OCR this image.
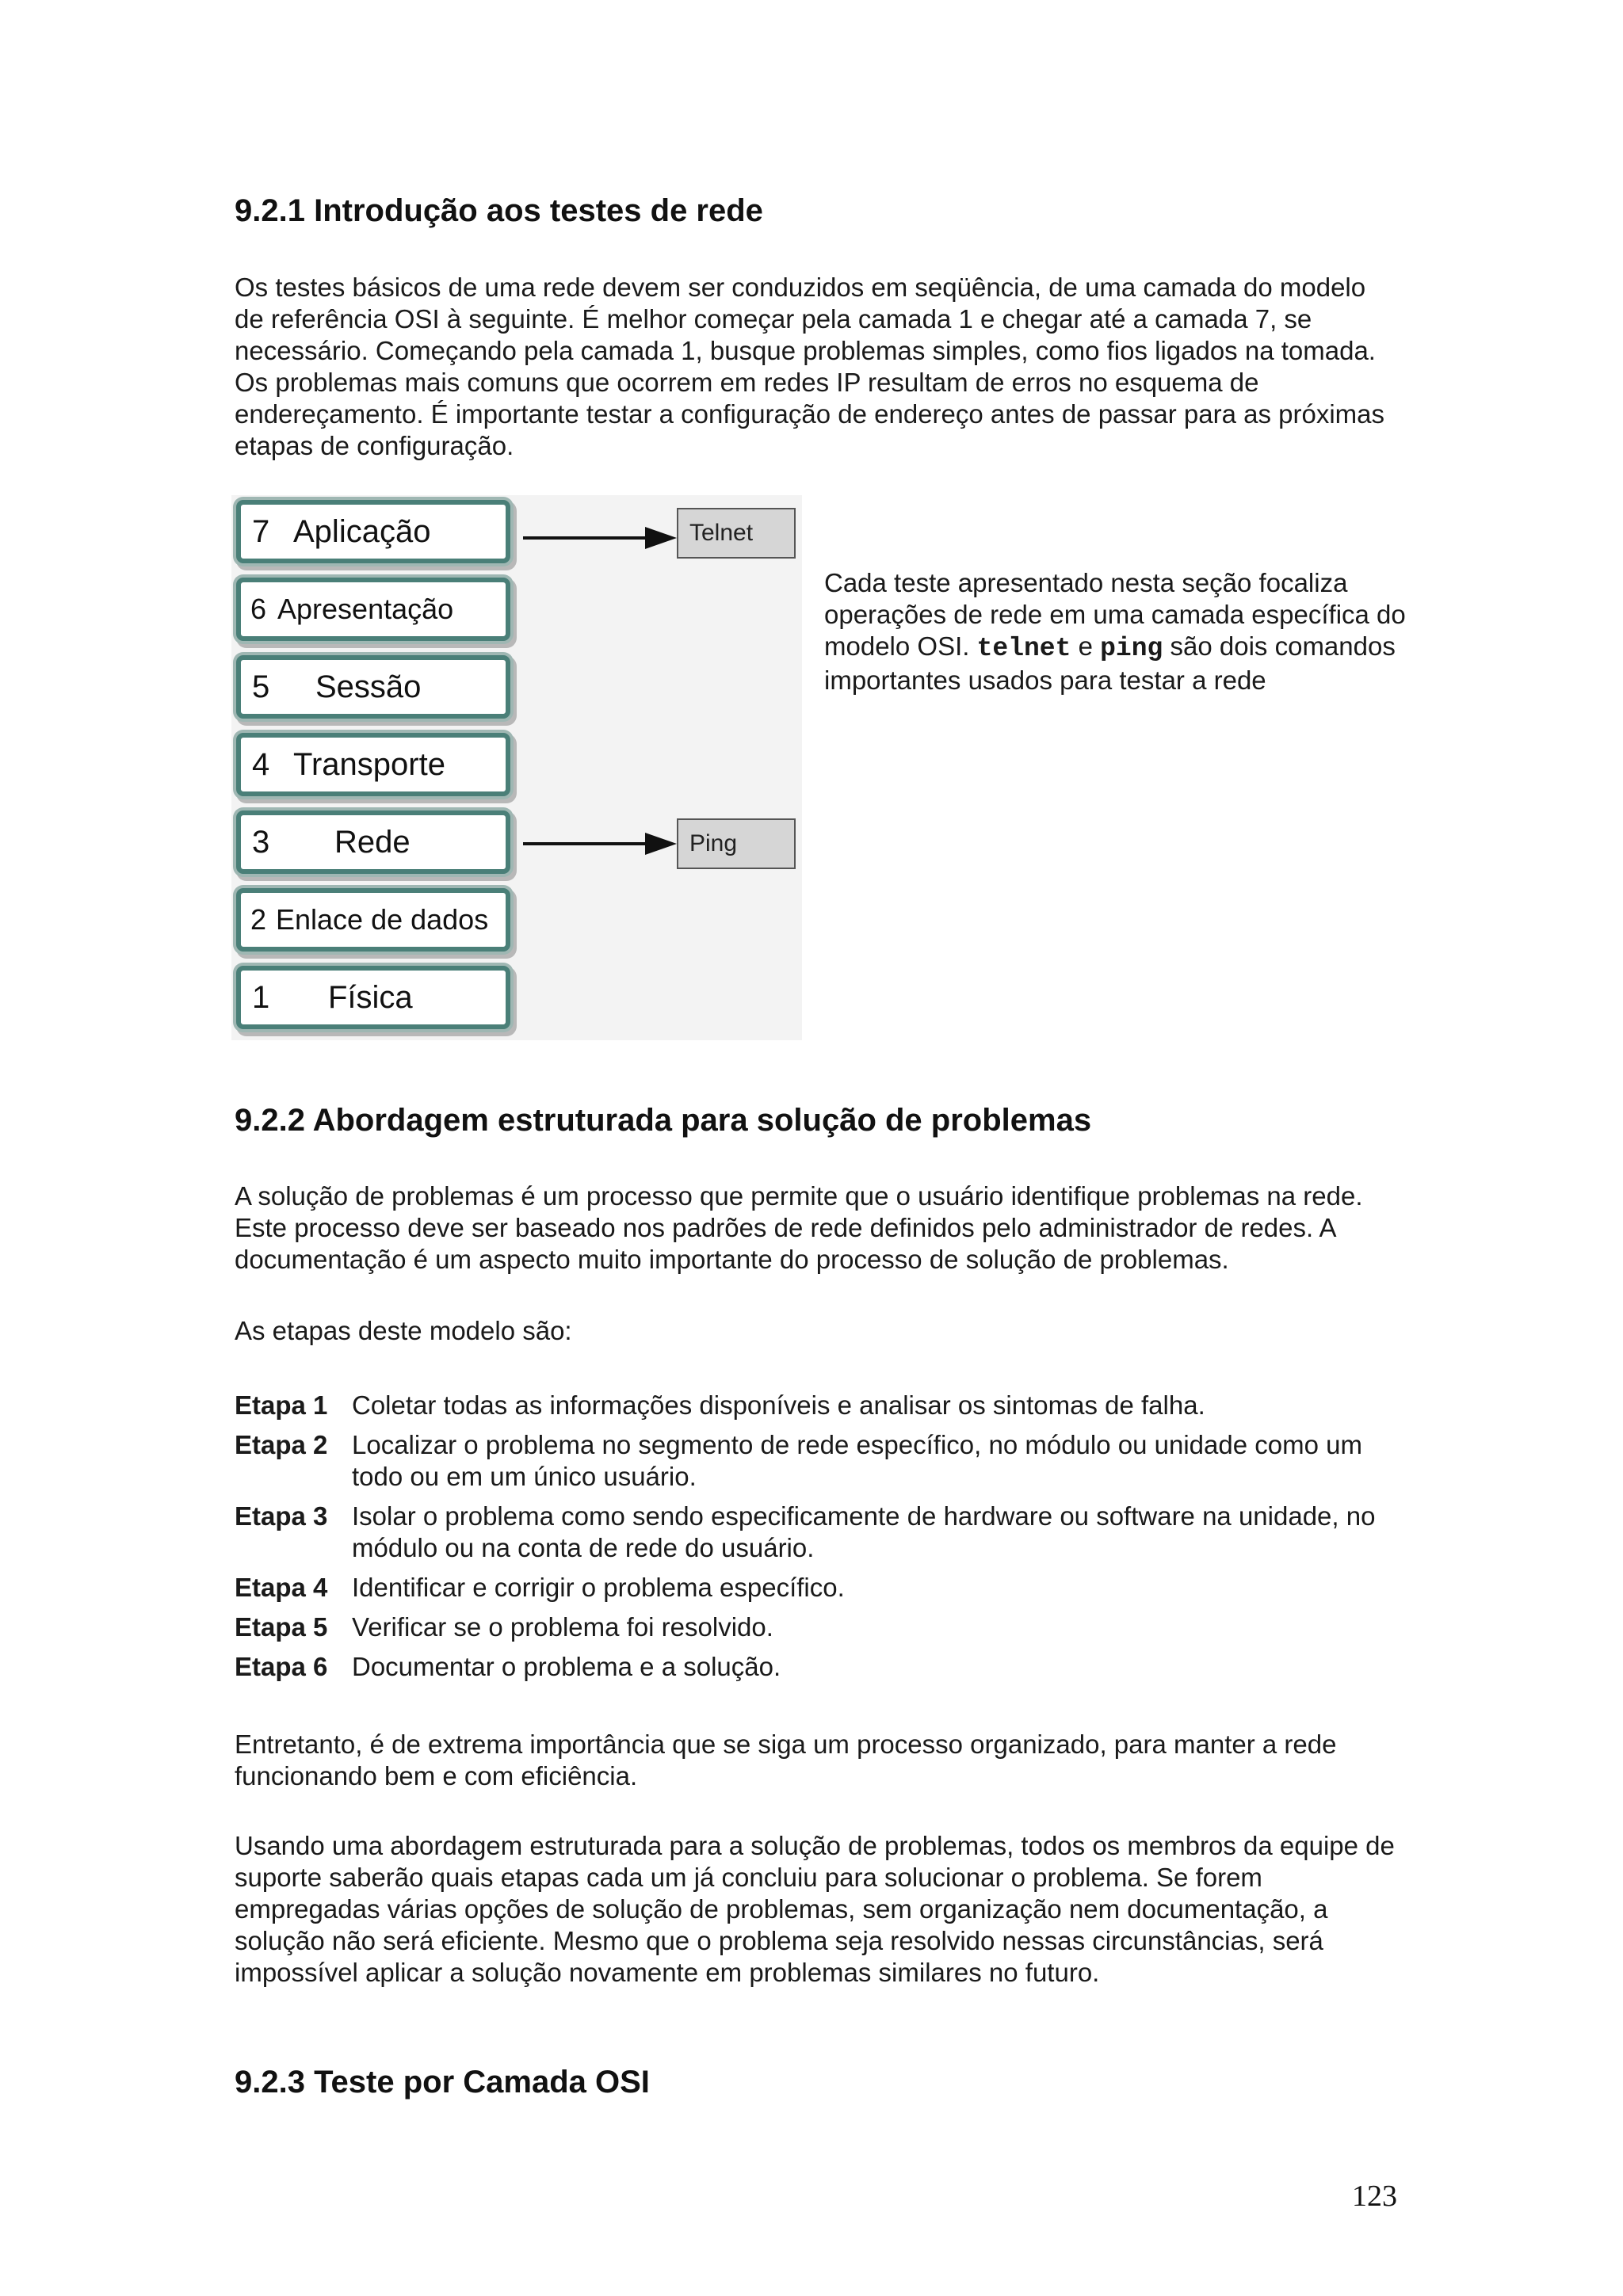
9.2.1 Introdução aos testes de rede

Os testes básicos de uma rede devem ser conduzidos em seqüência, de uma camada do modelo de referência OSI à seguinte. É melhor começar pela camada 1 e chegar até a camada 7, se necessário. Começando pela camada 1, busque problemas simples, como fios ligados na tomada. Os problemas mais comuns que ocorrem em redes IP resultam de erros no esquema de endereçamento. É importante testar a configuração de endereço antes de passar para as próximas etapas de configuração.

7 Aplicação
6 Apresentação
5 Sessão
4 Transporte
3 Rede
2 Enlace de dados
1 Física
Telnet
Ping
Cada teste apresentado nesta seção focaliza operações de rede em uma camada específica do modelo OSI. telnet e ping são dois comandos importantes usados para testar a rede
9.2.2 Abordagem estruturada para solução de problemas

A solução de problemas é um processo que permite que o usuário identifique problemas na rede. Este processo deve ser baseado nos padrões de rede definidos pelo administrador de redes. A documentação é um aspecto muito importante do processo de solução de problemas.

As etapas deste modelo são:

Etapa 1 Coletar todas as informações disponíveis e analisar os sintomas de falha.
Etapa 2 Localizar o problema no segmento de rede específico, no módulo ou unidade como um todo ou em um único usuário.
Etapa 3 Isolar o problema como sendo especificamente de hardware ou software na unidade, no módulo ou na conta de rede do usuário.
Etapa 4 Identificar e corrigir o problema específico.
Etapa 5 Verificar se o problema foi resolvido.
Etapa 6 Documentar o problema e a solução.

Entretanto, é de extrema importância que se siga um processo organizado, para manter a rede funcionando bem e com eficiência.

Usando uma abordagem estruturada para a solução de problemas, todos os membros da equipe de suporte saberão quais etapas cada um já concluiu para solucionar o problema. Se forem empregadas várias opções de solução de problemas, sem organização nem documentação, a solução não será eficiente. Mesmo que o problema seja resolvido nessas circunstâncias, será impossível aplicar a solução novamente em problemas similares no futuro.

9.2.3 Teste por Camada OSI
123
